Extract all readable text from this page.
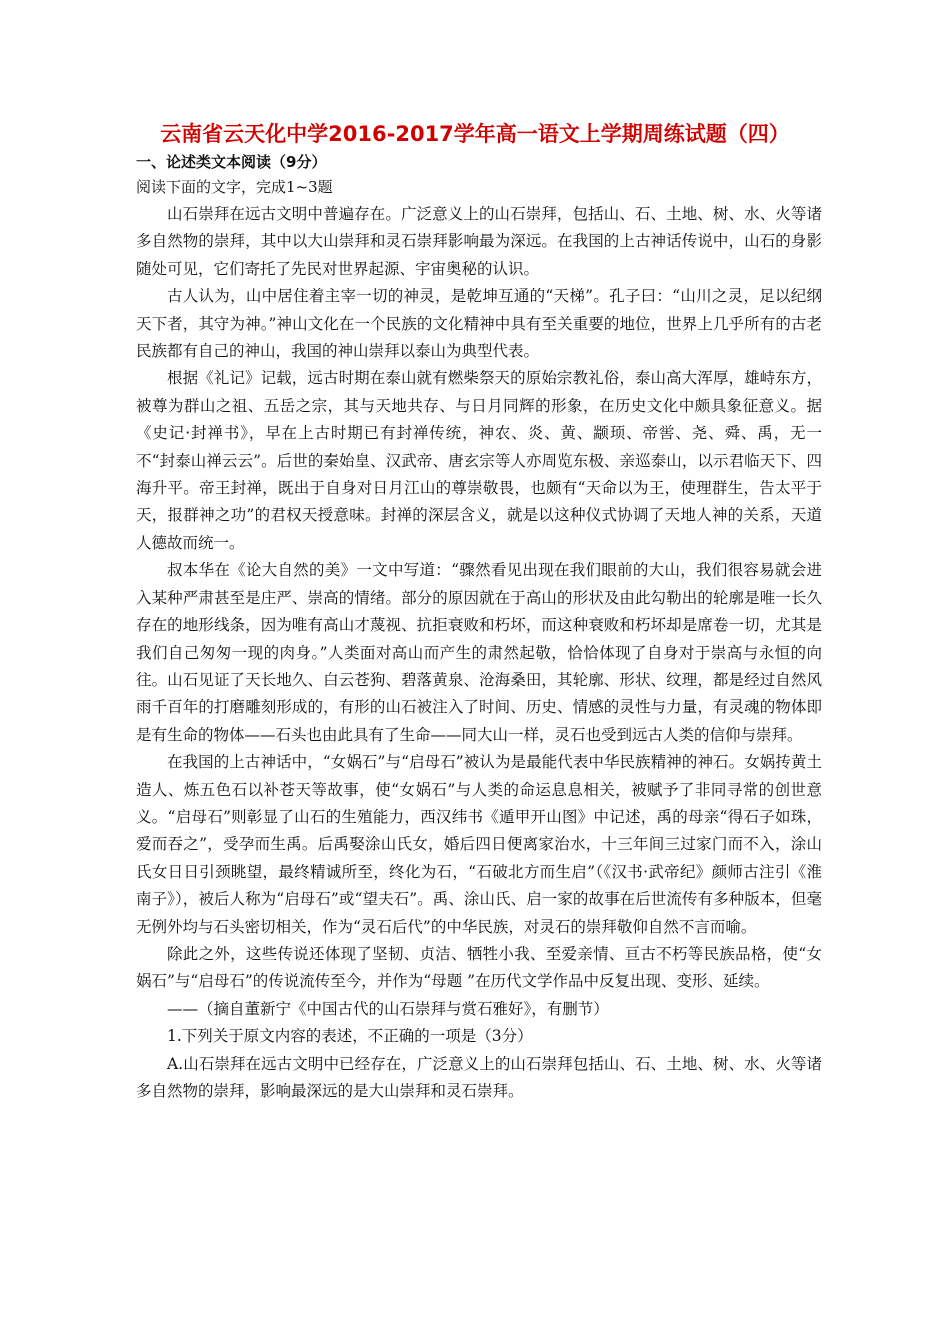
云南省云天化中学2016-2017学年高一语文上学期周练试题（四）
一、论述类文本阅读（9分）
阅读下面的文字，完成1~3题

山石崇拜在远古文明中普遍存在。广泛意义上的山石崇拜，包括山、石、土地、树、水、火等诸多自然物的崇拜，其中以大山崇拜和灵石崇拜影响最为深远。在我国的上古神话传说中，山石的身影随处可见，它们寄托了先民对世界起源、宇宙奥秘的认识。

古人认为，山中居住着主宰一切的神灵，是乾坤互通的“天梯”。孔子曰：“山川之灵，足以纪纲天下者，其守为神。”神山文化在一个民族的文化精神中具有至关重要的地位，世界上几乎所有的古老民族都有自己的神山，我国的神山崇拜以泰山为典型代表。

根据《礼记》记载，远古时期在泰山就有燃柴祭天的原始宗教礼俗，泰山高大浑厚，雄峙东方，被尊为群山之祖、五岳之宗，其与天地共存、与日月同辉的形象，在历史文化中颇具象征意义。据《史记·封禅书》，早在上古时期已有封禅传统，神农、炎、黄、颛顼、帝喾、尧、舜、禹，无一不“封泰山禅云云”。后世的秦始皇、汉武帝、唐玄宗等人亦周览东极、亲巡泰山，以示君临天下、四海升平。帝王封禅，既出于自身对日月江山的尊崇敬畏，也颇有“天命以为王，使理群生，告太平于天，报群神之功”的君权天授意味。封禅的深层含义，就是以这种仪式协调了天地人神的关系，天道人德故而统一。

叔本华在《论大自然的美》一文中写道：“骤然看见出现在我们眼前的大山，我们很容易就会进入某种严肃甚至是庄严、崇高的情绪。部分的原因就在于高山的形状及由此勾勒出的轮廓是唯一长久存在的地形线条，因为唯有高山才蔑视、抗拒衰败和朽坏，而这种衰败和朽坏却是席卷一切，尤其是我们自己匆匆一现的肉身。”人类面对高山而产生的肃然起敬，恰恰体现了自身对于崇高与永恒的向往。山石见证了天长地久、白云苍狗、碧落黄泉、沧海桑田，其轮廓、形状、纹理，都是经过自然风雨千百年的打磨雕刻形成的，有形的山石被注入了时间、历史、情感的灵性与力量，有灵魂的物体即是有生命的物体——石头也由此具有了生命——同大山一样，灵石也受到远古人类的信仰与崇拜。

在我国的上古神话中，“女娲石”与“启母石”被认为是最能代表中华民族精神的神石。女娲抟黄土造人、炼五色石以补苍天等故事，使“女娲石”与人类的命运息息相关，被赋予了非同寻常的创世意义。“启母石”则彰显了山石的生殖能力，西汉纬书《遁甲开山图》中记述，禹的母亲“得石子如珠，爱而吞之”，受孕而生禹。后禹娶涂山氏女，婚后四日便离家治水，十三年间三过家门而不入，涂山氏女日日引颈眺望，最终精诚所至，终化为石，“石破北方而生启”（《汉书·武帝纪》颜师古注引《淮南子》），被后人称为“启母石”或“望夫石”。禹、涂山氏、启一家的故事在后世流传有多种版本，但毫无例外均与石头密切相关，作为“灵石后代”的中华民族，对灵石的崇拜敬仰自然不言而喻。

除此之外，这些传说还体现了坚韧、贞洁、牺牲小我、至爱亲情、亘古不朽等民族品格，使“女娲石”与“启母石”的传说流传至今，并作为“母题 ”在历代文学作品中反复出现、变形、延续。

——（摘自董新宁《中国古代的山石崇拜与赏石雅好》，有删节）

1.下列关于原文内容的表述，不正确的一项是（3分）

A.山石崇拜在远古文明中已经存在，广泛意义上的山石崇拜包括山、石、土地、树、水、火等诸多自然物的崇拜，影响最深远的是大山崇拜和灵石崇拜。
